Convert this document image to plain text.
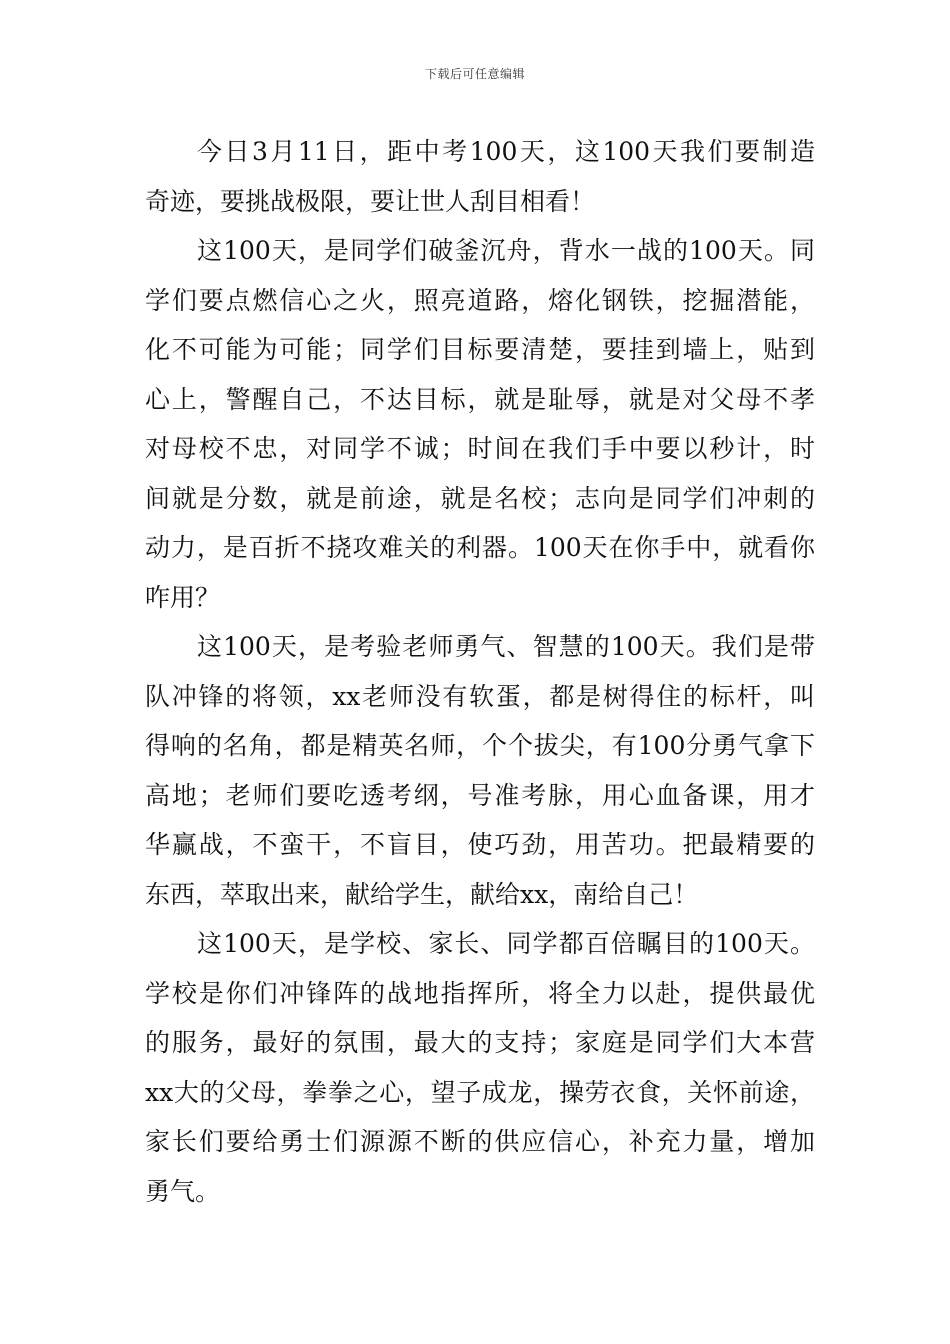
下载后可任意编辑

今日3月11日，距中考100天，这100天我们要制造
奇迹，要挑战极限，要让世人刮目相看！

这100天，是同学们破釜沉舟，背水一战的100天。同
学们要点燃信心之火，照亮道路，熔化钢铁，挖掘潜能，
化不可能为可能；同学们目标要清楚，要挂到墙上，贴到
心上，警醒自己，不达目标，就是耻辱，就是对父母不孝
对母校不忠，对同学不诚；时间在我们手中要以秒计，时
间就是分数，就是前途，就是名校；志向是同学们冲刺的
动力，是百折不挠攻难关的利器。100天在你手中，就看你
咋用？

这100天，是考验老师勇气、智慧的100天。我们是带
队冲锋的将领，xx老师没有软蛋，都是树得住的标杆，叫
得响的名角，都是精英名师，个个拔尖，有100分勇气拿下
高地；老师们要吃透考纲，号准考脉，用心血备课，用才
华赢战，不蛮干，不盲目，使巧劲，用苦功。把最精要的
东西，萃取出来，献给学生，献给xx，南给自己！

这100天，是学校、家长、同学都百倍瞩目的100天。
学校是你们冲锋阵的战地指挥所，将全力以赴，提供最优
的服务，最好的氛围，最大的支持；家庭是同学们大本营
xx大的父母，拳拳之心，望子成龙，操劳衣食，关怀前途，
家长们要给勇士们源源不断的供应信心，补充力量，增加
勇气。
